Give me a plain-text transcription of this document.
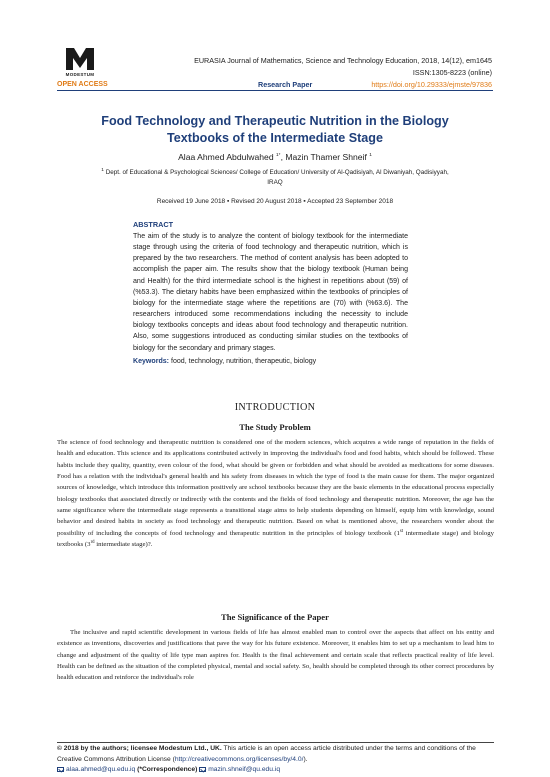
MODESTUM
OPEN ACCESS
EURASIA Journal of Mathematics, Science and Technology Education, 2018, 14(12), em1645
ISSN:1305-8223 (online)
Research Paper	https://doi.org/10.29333/ejmste/97836
Food Technology and Therapeutic Nutrition in the Biology
Textbooks of the Intermediate Stage
Alaa Ahmed Abdulwahed $^{1*}$, Mazin Thamer Shneif $^1$
$^1$ Dept. of Educational & Psychological Sciences/ College of Education/ University of Al-Qadisiyah, Al Diwaniyah, Qadisiyyah,
IRAQ
Received 19 June 2018 ▪ Revised 20 August 2018 ▪ Accepted 23 September 2018
ABSTRACT
The aim of the study is to analyze the content of biology textbook for the intermediate stage through using the criteria of food technology and therapeutic nutrition, which is prepared by the two researchers. The method of content analysis has been adopted to accomplish the paper aim. The results show that the biology textbook (Human being and Health) for the third intermediate school is the highest in repetitions about (59) of (%53.3). The dietary habits have been emphasized within the textbooks of principles of biology for the intermediate stage where the repetitions are (70) with (%63.6). The researchers introduced some recommendations including the necessity to include biology textbooks concepts and ideas about food technology and therapeutic nutrition. Also, some suggestions introduced as conducting similar studies on the textbooks of biology for the secondary and primary stages.
Keywords: food, technology, nutrition, therapeutic, biology
INTRODUCTION
The Study Problem
The science of food technology and therapeutic nutrition is considered one of the modern sciences, which acquires a wide range of reputation in the fields of health and education. This science and its applications contributed actively in improving the individual's food and food habits, which should be followed. These habits include they quality, quantity, even colour of the food, what should be given or forbidden and what should be avoided as medications for some diseases. Food has a relation with the individual's general health and his safety from diseases in which the type of food is the main cause for them. The major organized sources of knowledge, which introduce this information positively are school textbooks because they are the basic elements in the educational process especially biology textbooks that associated directly or indirectly with the contents and the fields of food technology and therapeutic nutrition. Moreover, the age has the same significance where the intermediate stage represents a transitional stage aims to help students depending on himself, equip him with knowledge, sound behavior and desired habits in society as food technology and therapeutic nutrition. Based on what is mentioned above, the researchers wonder about the possibility of including the concepts of food technology and therapeutic nutrition in the principles of biology textbook (1st intermediate stage) and biology textbooks (3rd intermediate stage)?.
The Significance of the Paper
The inclusive and rapid scientific development in various fields of life has almost enabled man to control over the aspects that affect on his entity and existence as inventions, discoveries and justifications that pave the way for his future existence. Moreover, it enables him to set up a mechanism to lead him to change and adjustment of the quality of life type man aspires for. Health is the final achievement and certain scale that reflects practical reality of life level. Health can be defined as the situation of the completed physical, mental and social safety. So, health should be completed through its other correct procedures by health education and reinforce the individual's role
© 2018 by the authors; licensee Modestum Ltd., UK. This article is an open access article distributed under the terms and conditions of the Creative Commons Attribution License (http://creativecommons.org/licenses/by/4.0/).
alaa.ahmed@qu.edu.iq (*Correspondence) mazin.shneif@qu.edu.iq
